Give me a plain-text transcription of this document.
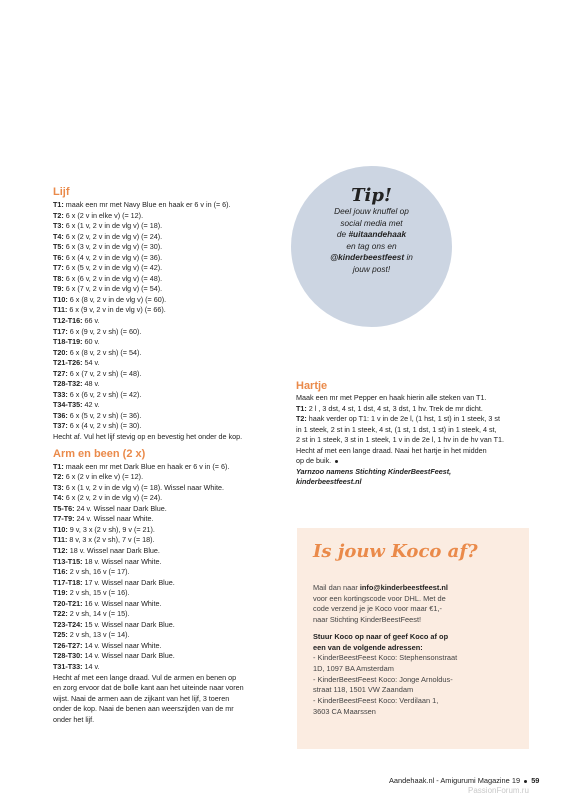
Lijf
T1: maak een mr met Navy Blue en haak er 6 v in (= 6).
T2: 6 x (2 v in elke v) (= 12).
T3: 6 x (1 v, 2 v in de vlg v) (= 18).
T4: 6 x (2 v, 2 v in de vlg v) (= 24).
T5: 6 x (3 v, 2 v in de vlg v) (= 30).
T6: 6 x (4 v, 2 v in de vlg v) (= 36).
T7: 6 x (5 v, 2 v in de vlg v) (= 42).
T8: 6 x (6 v, 2 v in de vlg v) (= 48).
T9: 6 x (7 v, 2 v in de vlg v) (= 54).
T10: 6 x (8 v, 2 v in de vlg v) (= 60).
T11: 6 x (9 v, 2 v in de vlg v) (= 66).
T12-T16: 66 v.
T17: 6 x (9 v, 2 v sh) (= 60).
T18-T19: 60 v.
T20: 6 x (8 v, 2 v sh) (= 54).
T21-T26: 54 v.
T27: 6 x (7 v, 2 v sh) (= 48).
T28-T32: 48 v.
T33: 6 x (6 v, 2 v sh) (= 42).
T34-T35: 42 v.
T36: 6 x (5 v, 2 v sh) (= 36).
T37: 6 x (4 v, 2 v sh) (= 30).
Hecht af. Vul het lijf stevig op en bevestig het onder de kop.
Arm en been (2 x)
T1: maak een mr met Dark Blue en haak er 6 v in (= 6).
T2: 6 x (2 v in elke v) (= 12).
T3: 6 x (1 v, 2 v in de vlg v) (= 18). Wissel naar White.
T4: 6 x (2 v, 2 v in de vlg v) (= 24).
T5-T6: 24 v. Wissel naar Dark Blue.
T7-T9: 24 v. Wissel naar White.
T10: 9 v, 3 x (2 v sh), 9 v (= 21).
T11: 8 v, 3 x (2 v sh), 7 v (= 18).
T12: 18 v. Wissel naar Dark Blue.
T13-T15: 18 v. Wissel naar White.
T16: 2 v sh, 16 v (= 17).
T17-T18: 17 v. Wissel naar Dark Blue.
T19: 2 v sh, 15 v (= 16).
T20-T21: 16 v. Wissel naar White.
T22: 2 v sh, 14 v (= 15).
T23-T24: 15 v. Wissel naar Dark Blue.
T25: 2 v sh, 13 v (= 14).
T26-T27: 14 v. Wissel naar White.
T28-T30: 14 v. Wissel naar Dark Blue.
T31-T33: 14 v.
Hecht af met een lange draad. Vul de armen en benen op
en zorg ervoor dat de bolle kant aan het uiteinde naar voren
wijst. Naai de armen aan de zijkant van het lijf, 3 toeren
onder de kop. Naai de benen aan weerszijden van de mr
onder het lijf.
Tip!
Deel jouw knuffel op
social media met
de #uitaandehaak
en tag ons en
@kinderbeestfeest in
jouw post!
Hartje
Maak een mr met Pepper en haak hierin alle steken van T1.
T1: 2 l , 3 dst, 4 st, 1 dst, 4 st, 3 dst, 1 hv. Trek de mr dicht.
T2: haak verder op T1: 1 v in de 2e l, (1 hst, 1 st) in 1 steek, 3 st
in 1 steek, 2 st in 1 steek, 4 st, (1 st, 1 dst, 1 st) in 1 steek, 4 st,
2 st in 1 steek, 3 st in 1 steek, 1 v in de 2e l, 1 hv in de hv van T1.
Hecht af met een lange draad. Naai het hartje in het midden
op de buik.
Yarnzoo namens Stichting KinderBeestFeest,
kinderbeestfeest.nl
Is jouw Koco af?
Mail dan naar info@kinderbeestfeest.nl
voor een kortingscode voor DHL. Met de
code verzend je je Koco voor maar €1,-
naar Stichting KinderBeestFeest!
Stuur Koco op naar of geef Koco af op
een van de volgende adressen:
- KinderBeestFeest Koco: Stephensonstraat
1D, 1097 BA Amsterdam
- KinderBeestFeest Koco: Jonge Arnoldus-
straat 118, 1501 VW Zaandam
- KinderBeestFeest Koco: Verdilaan 1,
3603 CA Maarssen
Aandehaak.nl - Amigurumi Magazine 19 59
PassionForum.ru
